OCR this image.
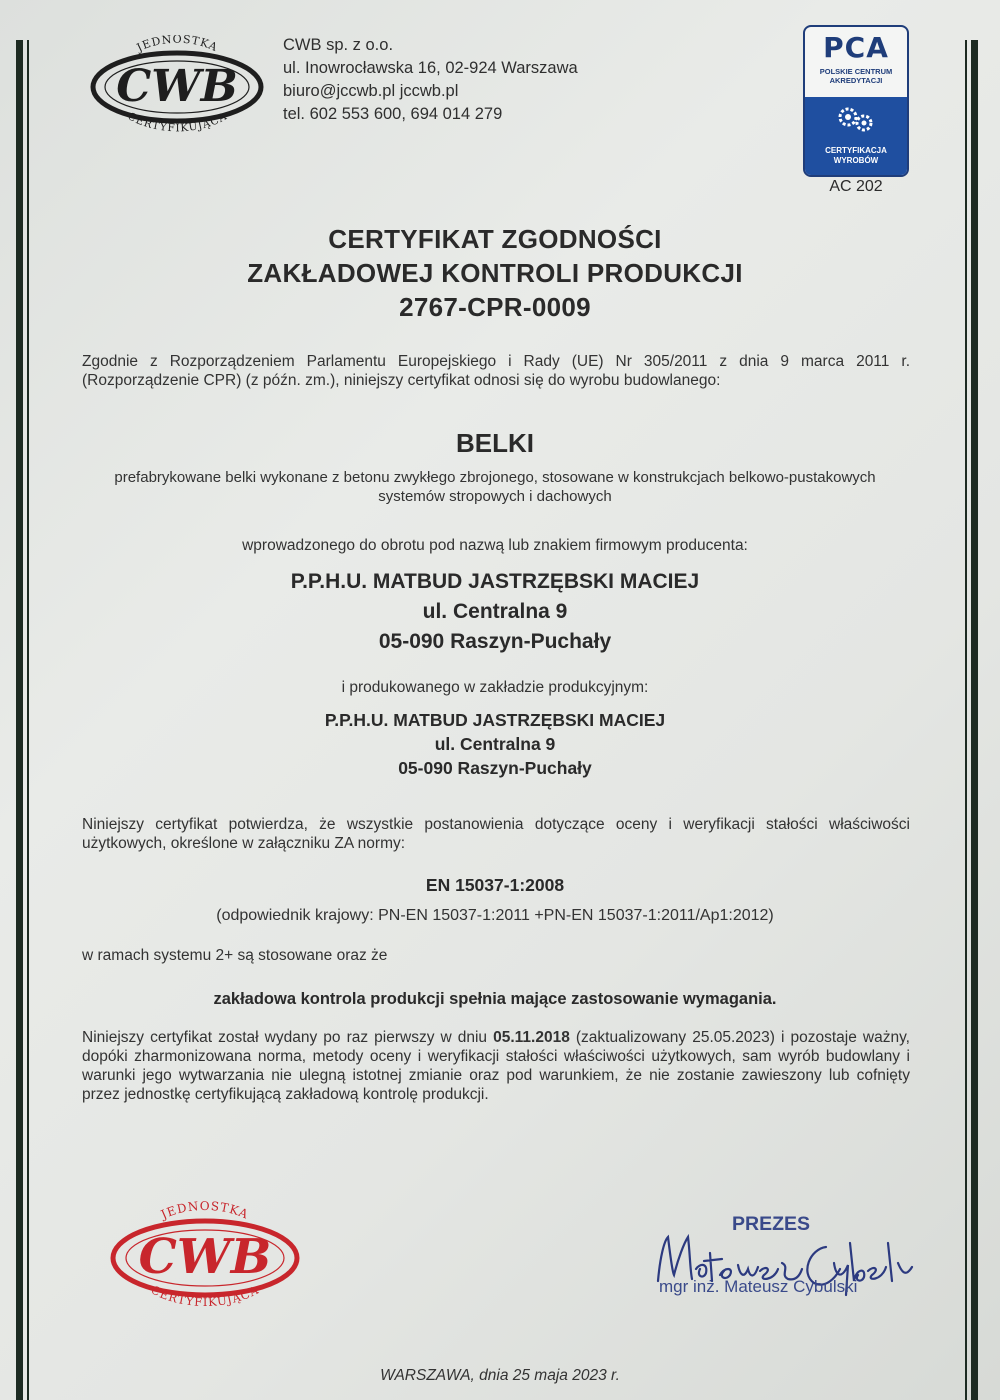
CWB
JEDNOSTKA
CERTYFIKUJĄCA
CWB sp. z o.o.
ul. Inowrocławska 16, 02-924 Warszawa
biuro@jccwb.pl jccwb.pl
tel. 602 553 600, 694 014 279
PCA
POLSKIE CENTRUM AKREDYTACJI
CERTYFIKACJA WYROBÓW
AC 202
CERTYFIKAT ZGODNOŚCI
ZAKŁADOWEJ KONTROLI PRODUKCJI
2767-CPR-0009
Zgodnie z Rozporządzeniem Parlamentu Europejskiego i Rady (UE) Nr 305/2011 z dnia 9 marca 2011 r. (Rozporządzenie CPR) (z późn. zm.), niniejszy certyfikat odnosi się do wyrobu budowlanego:
BELKI
prefabrykowane belki wykonane z betonu zwykłego zbrojonego, stosowane w konstrukcjach belkowo-pustakowych systemów stropowych i dachowych
wprowadzonego do obrotu pod nazwą lub znakiem firmowym producenta:
P.P.H.U. MATBUD JASTRZĘBSKI MACIEJ
ul. Centralna 9
05-090 Raszyn-Puchały
i produkowanego w zakładzie produkcyjnym:
P.P.H.U. MATBUD JASTRZĘBSKI MACIEJ
ul. Centralna 9
05-090 Raszyn-Puchały
Niniejszy certyfikat potwierdza, że wszystkie postanowienia dotyczące oceny i weryfikacji stałości właściwości użytkowych, określone w załączniku ZA normy:
EN 15037-1:2008
(odpowiednik krajowy: PN-EN 15037-1:2011 +PN-EN 15037-1:2011/Ap1:2012)
w ramach systemu 2+ są stosowane oraz że
zakładowa kontrola produkcji spełnia mające zastosowanie wymagania.
Niniejszy certyfikat został wydany po raz pierwszy w dniu 05.11.2018 (zaktualizowany 25.05.2023) i pozostaje ważny, dopóki zharmonizowana norma, metody oceny i weryfikacji stałości właściwości użytkowych, sam wyrób budowlany i warunki jego wytwarzania nie ulegną istotnej zmianie oraz pod warunkiem, że nie zostanie zawieszony lub cofnięty przez jednostkę certyfikującą zakładową kontrolę produkcji.
CWB
JEDNOSTKA
CERTYFIKUJĄCA
PREZES
mgr inż. Mateusz Cybulski
WARSZAWA, dnia 25 maja 2023 r.
